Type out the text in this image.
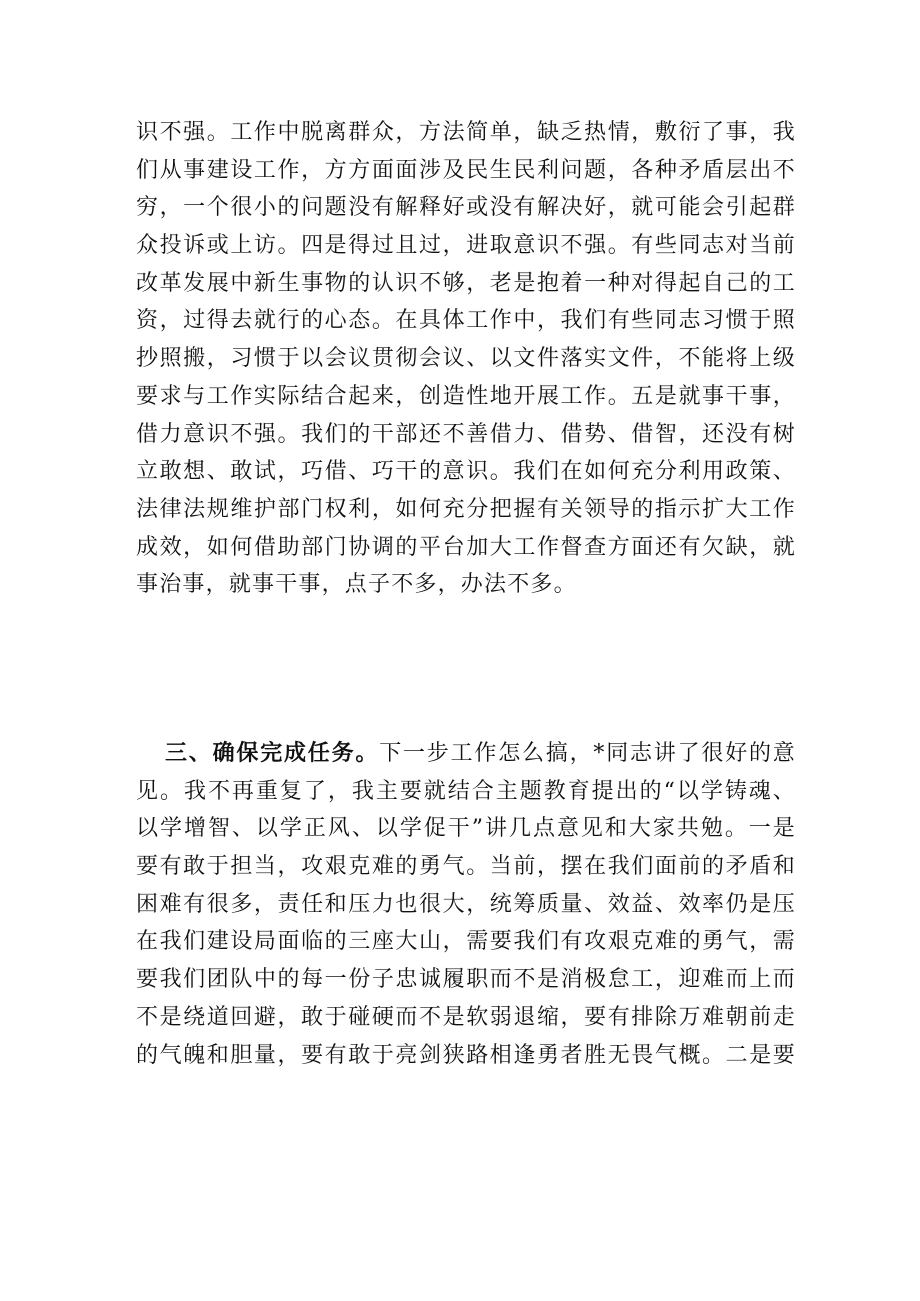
识不强。工作中脱离群众，方法简单，缺乏热情，敷衍了事，我
们从事建设工作，方方面面涉及民生民利问题，各种矛盾层出不
穷，一个很小的问题没有解释好或没有解决好，就可能会引起群
众投诉或上访。四是得过且过，进取意识不强。有些同志对当前
改革发展中新生事物的认识不够，老是抱着一种对得起自己的工
资，过得去就行的心态。在具体工作中，我们有些同志习惯于照
抄照搬，习惯于以会议贯彻会议、以文件落实文件，不能将上级
要求与工作实际结合起来，创造性地开展工作。五是就事干事，
借力意识不强。我们的干部还不善借力、借势、借智，还没有树
立敢想、敢试，巧借、巧干的意识。我们在如何充分利用政策、
法律法规维护部门权利，如何充分把握有关领导的指示扩大工作
成效，如何借助部门协调的平台加大工作督查方面还有欠缺，就
事治事，就事干事，点子不多，办法不多。
三、确保完成任务。下一步工作怎么搞，*同志讲了很好的意
见。我不再重复了，我主要就结合主题教育提出的“以学铸魂、
以学增智、以学正风、以学促干”讲几点意见和大家共勉。一是
要有敢于担当，攻艰克难的勇气。当前，摆在我们面前的矛盾和
困难有很多，责任和压力也很大，统筹质量、效益、效率仍是压
在我们建设局面临的三座大山，需要我们有攻艰克难的勇气，需
要我们团队中的每一份子忠诚履职而不是消极怠工，迎难而上而
不是绕道回避，敢于碰硬而不是软弱退缩，要有排除万难朝前走
的气魄和胆量，要有敢于亮剑狭路相逢勇者胜无畏气概。二是要
